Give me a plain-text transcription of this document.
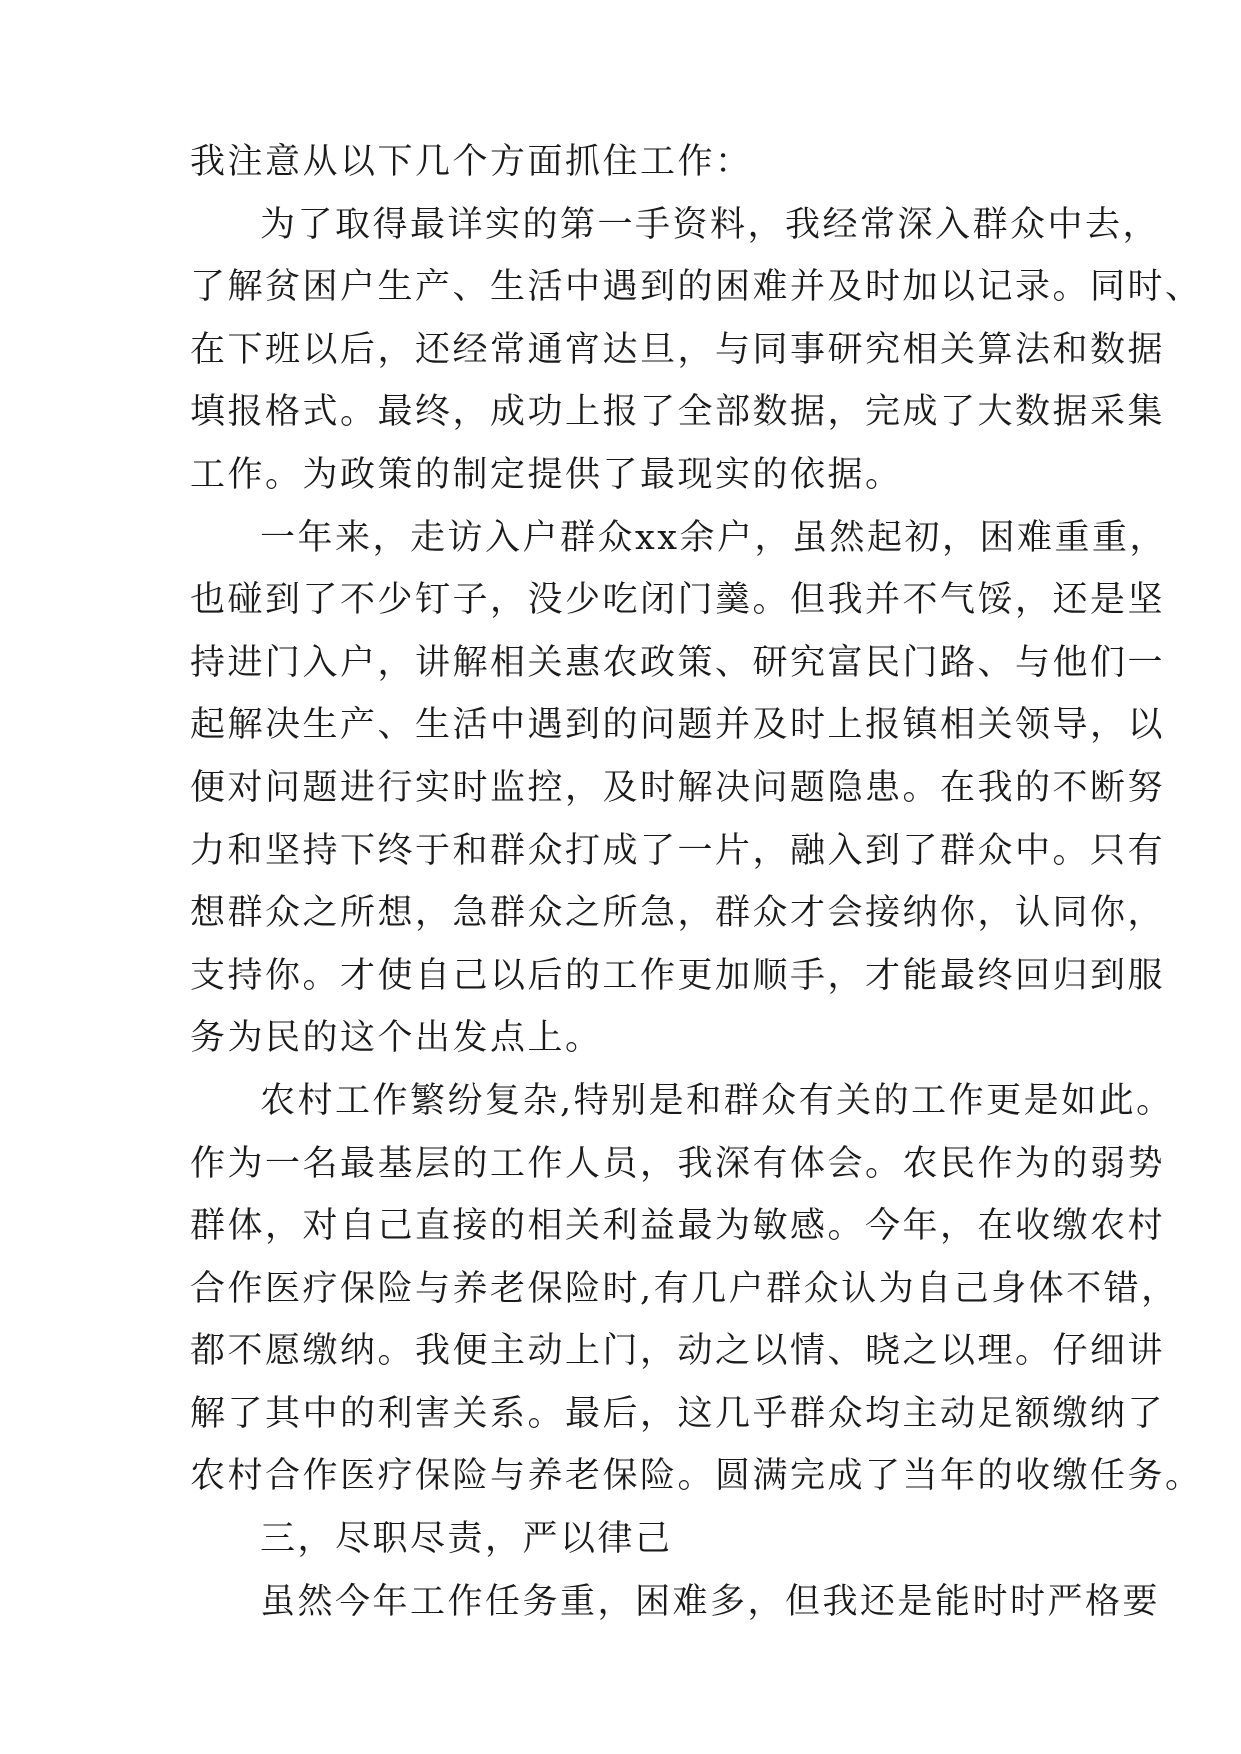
我注意从以下几个方面抓住工作：
为了取得最详实的第一手资料，我经常深入群众中去，
了解贫困户生产、生活中遇到的困难并及时加以记录。同时、
在下班以后，还经常通宵达旦，与同事研究相关算法和数据
填报格式。最终，成功上报了全部数据，完成了大数据采集
工作。为政策的制定提供了最现实的依据。
一年来，走访入户群众xx余户，虽然起初，困难重重，
也碰到了不少钉子，没少吃闭门羹。但我并不气馁，还是坚
持进门入户，讲解相关惠农政策、研究富民门路、与他们一
起解决生产、生活中遇到的问题并及时上报镇相关领导，以
便对问题进行实时监控，及时解决问题隐患。在我的不断努
力和坚持下终于和群众打成了一片，融入到了群众中。只有
想群众之所想，急群众之所急，群众才会接纳你，认同你，
支持你。才使自己以后的工作更加顺手，才能最终回归到服
务为民的这个出发点上。
农村工作繁纷复杂,特别是和群众有关的工作更是如此。
作为一名最基层的工作人员，我深有体会。农民作为的弱势
群体，对自己直接的相关利益最为敏感。今年，在收缴农村
合作医疗保险与养老保险时,有几户群众认为自己身体不错，
都不愿缴纳。我便主动上门，动之以情、晓之以理。仔细讲
解了其中的利害关系。最后，这几乎群众均主动足额缴纳了
农村合作医疗保险与养老保险。圆满完成了当年的收缴任务。
三，尽职尽责，严以律己
虽然今年工作任务重，困难多，但我还是能时时严格要
